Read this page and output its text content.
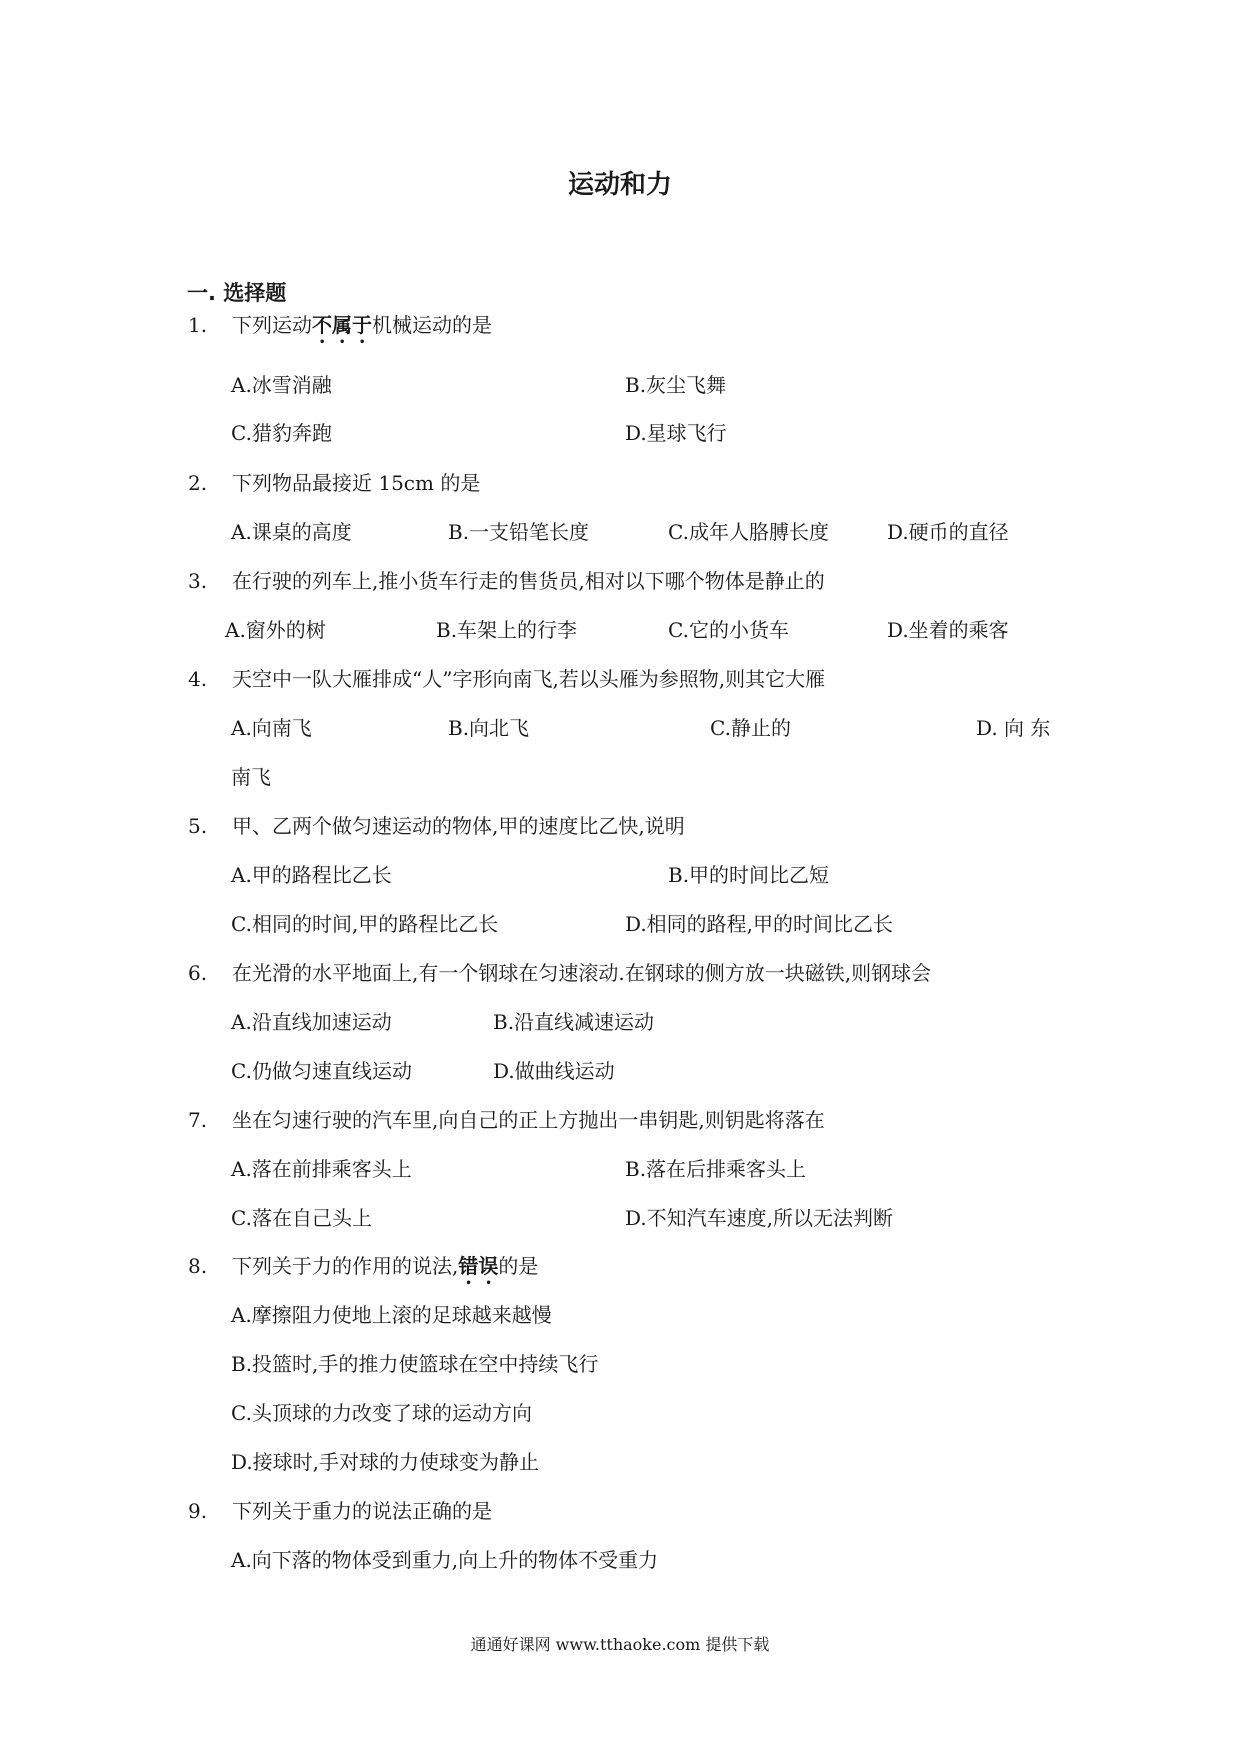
运动和力
一. 选择题
1. 下列运动不属于机械运动的是
A.冰雪消融	B.灰尘飞舞
C.猎豹奔跑	D.星球飞行
2. 下列物品最接近 15cm 的是
A.课桌的高度	B.一支铅笔长度	C.成年人胳膊长度	D.硬币的直径
3. 在行驶的列车上,推小货车行走的售货员,相对以下哪个物体是静止的
A.窗外的树	B.车架上的行李	C.它的小货车	D.坐着的乘客
4. 天空中一队大雁排成“人”字形向南飞,若以头雁为参照物,则其它大雁
A.向南飞	B.向北飞	C.静止的	D. 向 东
南飞
5. 甲、乙两个做匀速运动的物体,甲的速度比乙快,说明
A.甲的路程比乙长	B.甲的时间比乙短
C.相同的时间,甲的路程比乙长	D.相同的路程,甲的时间比乙长
6. 在光滑的水平地面上,有一个钢球在匀速滚动.在钢球的侧方放一块磁铁,则钢球会
A.沿直线加速运动	B.沿直线减速运动
C.仍做匀速直线运动	D.做曲线运动
7. 坐在匀速行驶的汽车里,向自己的正上方抛出一串钥匙,则钥匙将落在
A.落在前排乘客头上	B.落在后排乘客头上
C.落在自己头上	D.不知汽车速度,所以无法判断
8. 下列关于力的作用的说法,错误的是
A.摩擦阻力使地上滚的足球越来越慢
B.投篮时,手的推力使篮球在空中持续飞行
C.头顶球的力改变了球的运动方向
D.接球时,手对球的力使球变为静止
9. 下列关于重力的说法正确的是
A.向下落的物体受到重力,向上升的物体不受重力
通通好课网 www.tthaoke.com 提供下载
